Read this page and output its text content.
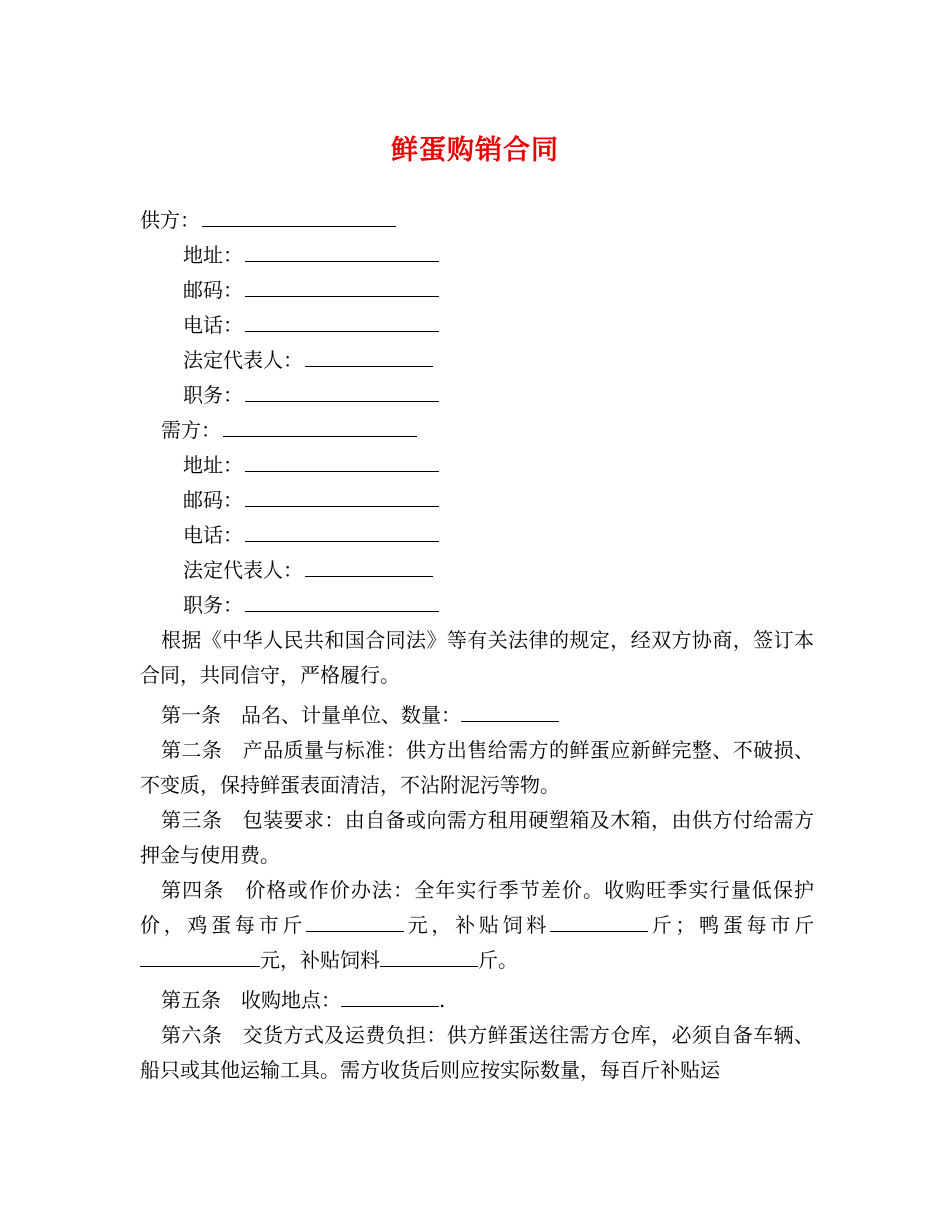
鲜蛋购销合同
供方：
地址：
邮码：
电话：
法定代表人：
职务：
需方：
地址：
邮码：
电话：
法定代表人：
职务：
根据《中华人民共和国合同法》等有关法律的规定，经双方协商，签订本合同，共同信守，严格履行。
第一条　品名、计量单位、数量：
第二条　产品质量与标准：供方出售给需方的鲜蛋应新鲜完整、不破损、不变质，保持鲜蛋表面清洁，不沾附泥污等物。
第三条　包装要求：由自备或向需方租用硬塑箱及木箱，由供方付给需方押金与使用费。
第四条　价格或作价办法：全年实行季节差价。收购旺季实行量低保护价，鸡蛋每市斤	元，补贴饲料	斤；鸭蛋每市斤元，补贴饲料	斤。
第五条　收购地点：	.
第六条　交货方式及运费负担：供方鲜蛋送往需方仓库，必须自备车辆、船只或其他运输工具。需方收货后则应按实际数量，每百斤补贴运
